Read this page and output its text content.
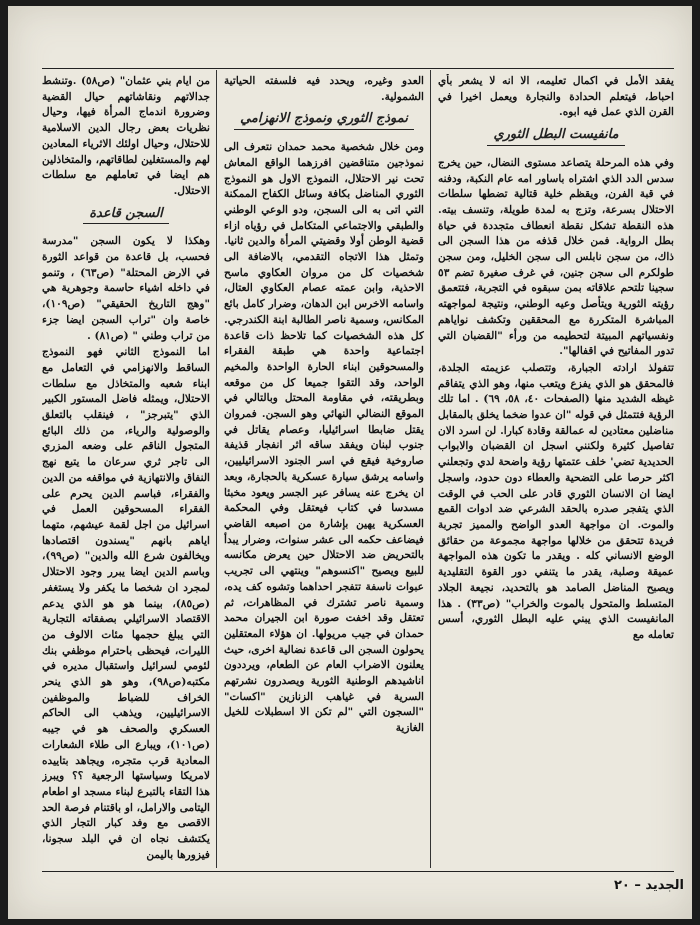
يفقد الأمل في اكمال تعليمه، الا انه لا يشعر بأي احباط، فيتعلم الحدادة والنجارة ويعمل اخيرا في القرن الذي عمل فيه ابوه.

مانفيست البطل الثوري

وفي هذه المرحلة يتصاعد مستوى النضال، حين يخرج سدس الدد الذي اشتراه باساور امه عام النكبة، ودفنه في قبة الفرن، ويقظم خلية قتالية تضطها سلطات الاحتلال بسرعة، وتزج به لمدة طويلة، وتنسف بيته. هذه النقطة تشكل نقطة انعطاف متجددة في حياة بطل الرواية. فمن خلال قذفه من هذا السجن الى ذاك، من سجن نابلس الى سجن الخليل، ومن سجن طولكرم الى سجن جنين، في غرف صغيرة تضم ٥٣ سجينا تلتحم علاقاته بمن سبقوه في التجربة، فتتعمق رؤيته الثورية ويتأصل وعيه الوطني، ونتيجة لمواجهته المباشرة المتكررة مع المحققين وتكشف نواياهم ونفسياتهم المبيتة لتحطيمه من ورأء "القضبان التي تدور المفاتيح في اقفالها".

تتفولذ ارادته الجبارة، وتتصلب عزيمته الجلدة، فالمحقق هو الذي يفزع ويتعب منها، وهو الذي يتفاقم غيظه الشديد منها (الصفحات ٤٠، ٥٨، ٦٩) . اما تلك الرؤية فتتمثل في قوله "ان عدوا ضخما يخلق بالمقابل مناضلين معتادين له عمالقة وقادة كبارا. لن اسرد الان تفاصيل كثيرة ولكنني اسجل ان القضبان والابواب الحديدية تضي' خلف عتمتها رؤية واضحة لدي وتجعلني اكثر حرصا على التضحية والعطاء دون حدود، واسجل ايضا ان الانسان الثوري قادر على الحب في الوقت الذي يتفجر صدره بالحقد الشرعي ضد ادوات القمع والموت. ان مواجهة العدو الواضح والمميز تجربة فريدة تتحقق من خلالها مواجهة مجموعة من حقائق الوضع الانساني كله . ويقدر ما تكون هذه المواجهة عميقة وصلبة، يقدر ما يتنفي دور القوة التقليدية ويصبح المناضل الصامد هو بالتحديد، نجيعة الجلاد المتسلط والمتحول بالموت والخراب" (ص٣٣) . هذا المانفيست الذي يبني عليه البطل الثوري، أسس تعامله مع

العدو وغيره، ويحدد فيه فلسفته الحياتية الشمولية.

نموذج الثوري ونموذج الانهزامي

ومن خلال شخصية محمد حمدان نتعرف الى نموذجين متناقضين افرزهما الواقع المعاش تحت نير الاحتلال، النموذج الاول هو النموذج الثوري المناضل بكافة وسائل الكفاح الممكنة التي اتى به الى السجن، ودو الوعي الوطني والطبقي والاجتماعي المتكامل في رؤياه ازاء قضية الوطن أولا وقضيتي المرأة والدين ثانيا. وتمثل هذا الاتجاه التقدمي، بالاضافة الى شخصيات كل من مروان العكاوي ماسح الاحذية، وابن عمته عصام العكاوي العتال، واسامه الاخرس ابن الدهان، وضرار كامل بائع المكانس، وسمية ناصر الطالبة ابنة الكندرجي. كل هذه الشخصيات كما تلاحظ ذات قاعدة اجتماعية واحدة هي طبقة الفقراء والمسحوقين ابناء الحارة الواحدة والمخيم الواحد، وقد التقوا جميعا كل من موقعه وبطريقته، في مقاومة المحتل وبالتالي في الموقع النضالي النهائي وهو السجن. فمروان يقتل ضابطا اسرائيليا، وعصام يقاتل في جنوب لبنان ويفقد ساقه اثر انفجار قذيفة صاروخية فيقع في اسر الجنود الاسرائيليين، واسامه يرشق سيارة عسكرية بالحجارة، وبعد ان يخرج عنه يسافر عبر الجسر ويعود مخبئا مسدسا في كتاب فيعتقل وفي المحكمة العسكرية يهين بإشارة من اصبعه القاضي فيضاعف حكمه الى عشر سنوات، وضرار يبدأ بالتحريض ضد الاحتلال حين يعرض مكانسه للبيع ويصيح "اكنسوهم" وينتهي الى تجريب عبوات ناسفة تتفجر احداهما وتشوه كف يده، وسمية ناصر تشترك في المظاهرات، ثم تعتقل وقد اخفت صورة ابن الجيران محمد حمدان في جيب مريولها. ان هؤلاء المعتقلين يحولون السجن الى قاعدة نضالية اخرى، حيث يعلنون الاضراب العام عن الطعام، ويرددون اناشيدهم الوطنية الثورية ويصدرون نشرتهم السرية في غياهب الزنازين "اكسات" "السجون التي "لم تكن الا اسطبلات للخيل الغازية

من ايام بني عثمان" (ص٥٨) .وتنشط جدالاتهم ونقاشاتهم حيال القضية وضرورة اندماج المرأة فيها، وحيال نظريات بعض رجال الدين الاسلامية للاحتلال، وحيال اولئك الاثرياء المعادين لهم والمستغلين لطاقاتهم، والمتخاذلين هم ايضا في تعاملهم مع سلطات الاحتلال.

السجن قاعدة

وهكذا لا يكون السجن "مدرسة فحسب، بل قاعدة من قواعد الثورة في الارض المحتلة" (ص٦٣) ، وتنمو في داخله اشياء حاسمة وجوهرية هي "وهج التاريخ الحقيقي" (ص١٠٩)، خاصة وان "تراب السجن ايضا جزء من تراب وطني " (ص٨١) .

اما النموذج الثاني فهو النموذج الساقط والانهزامي في التعامل مع ابناء شعبه والمتخاذل مع سلطات الاحتلال، ويمثله فاضل المستور الكبير الذي "يتبرجز" ، فينقلب بالتعلق والوصولية والرياء، من ذلك البائع المتجول الناقم على وضعه المزري الى تاجر ثري سرعان ما يتبع نهج النفاق والانتهازية في مواقفه من الدين والفقراء، فباسم الدين يحرم على الفقراء المسحوقين العمل في اسرائيل من اجل لقمة عيشهم، متهما اياهم بانهم "يسندون اقتصادها ويخالفون شرع الله والدين" (ص٩٩)، وباسم الدين ايضا يبرر وجود الاحتلال لمجرد ان شخصا ما يكفر ولا يستغفر (ص٨٥)، بينما هو هو الذي يدعم الاقتصاد الاسرائيلي بصفقاته التجارية التي يبلغ حجمها مئات الالوف من الليرات، فيحظى باحترام موظفي بنك لئومي لسرائيل واستقبال مديره في مكتبه(ص٩٨)، وهو هو الذي ينحر الخراف للضباط والموظفين الاسرائيليين، ويذهب الى الحاكم العسكري والصحف هو في جيبه (ص١٠١)، ويبارع الى طلاء الشعارات المعادية قرب متجره، ويجاهد بتاييده لامريكا وسياستها الرجعية ؟؟ ويبرز هذا التقاء بالتبرع لبناء مسجد او اطعام اليتامى والارامل، او باقتنام فرصة الحد الاقصى مع وفد كبار التجار الذي يكتشف نجاه ان في البلد سجونا، فيزورها باليمن

الجديد – ٢٠
